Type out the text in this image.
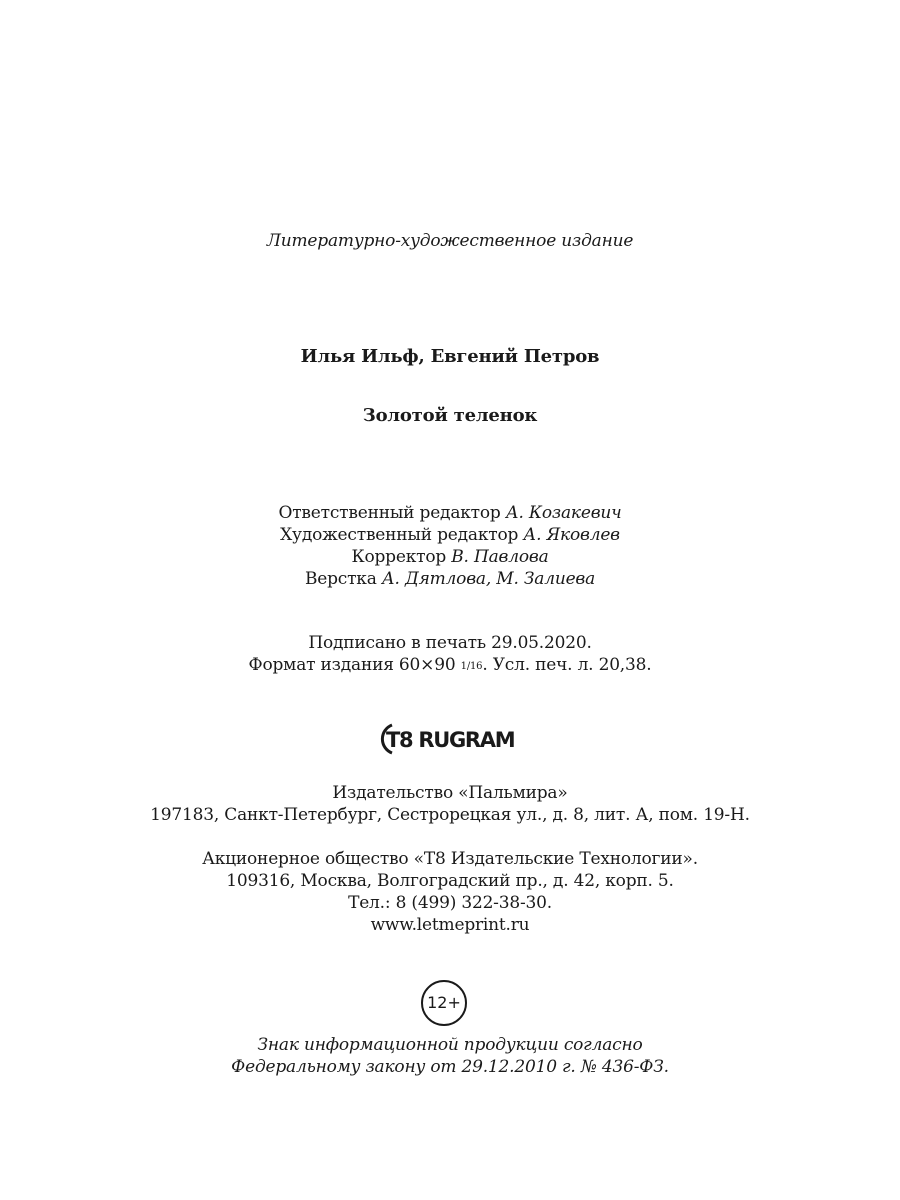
Литературно-художественное издание
Илья Ильф, Евгений Петров
Золотой теленок
Ответственный редактор А. Козакевич
Художественный редактор А. Яковлев
Корректор В. Павлова
Верстка А. Дятлова, М. Залиева
Подписано в печать 29.05.2020.
Формат издания 60×90 1/16. Усл. печ. л. 20,38.
T8 RUGRAM
Издательство «Пальмира»
197183, Санкт-Петербург, Сестрорецкая ул., д. 8, лит. А, пом. 19-Н.
Акционерное общество «Т8 Издательские Технологии».
109316, Москва, Волгоградский пр., д. 42, корп. 5.
Тел.: 8 (499) 322-38-30.
www.letmeprint.ru
12+
Знак информационной продукции согласно
Федеральному закону от 29.12.2010 г. № 436-ФЗ.
